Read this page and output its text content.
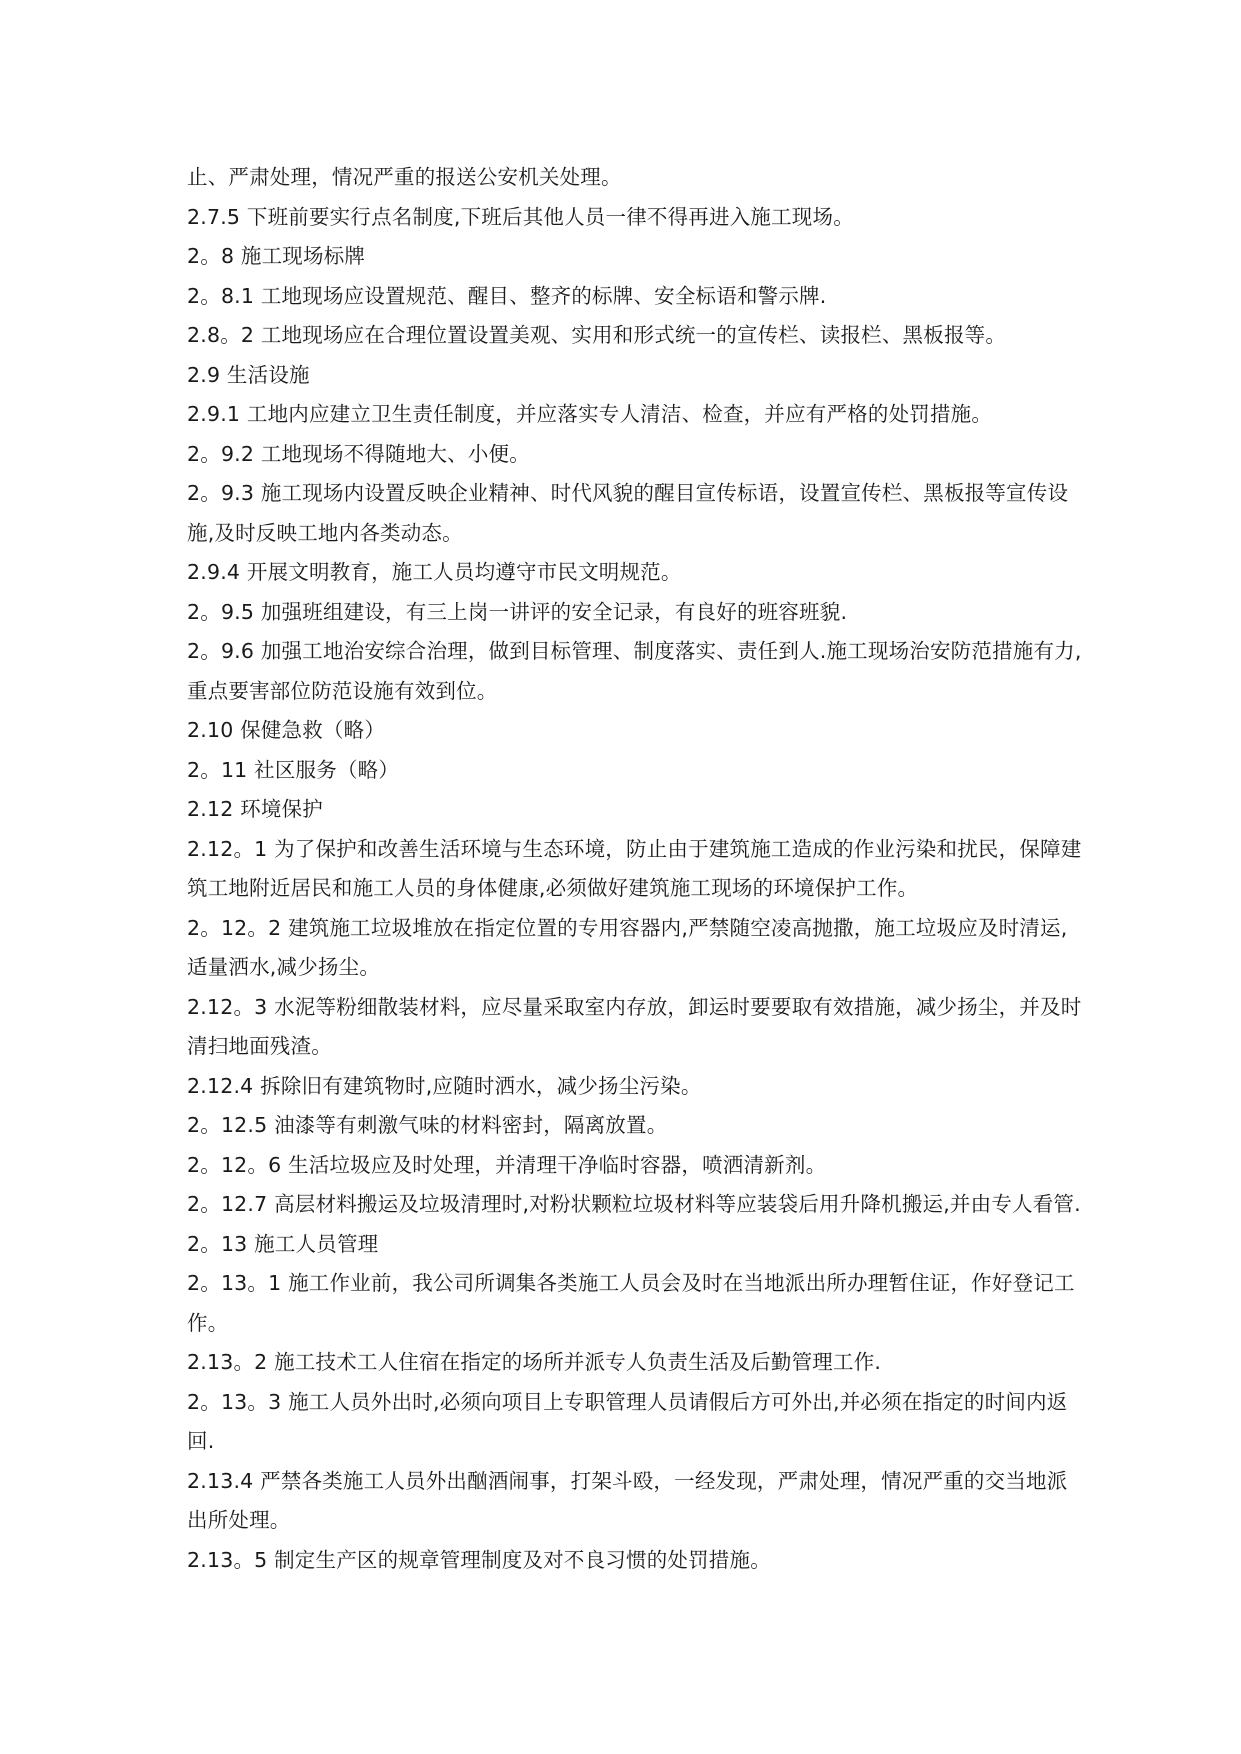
止、严肃处理，情况严重的报送公安机关处理。

2.7.5 下班前要实行点名制度,下班后其他人员一律不得再进入施工现场。

2。8 施工现场标牌

2。8.1 工地现场应设置规范、醒目、整齐的标牌、安全标语和警示牌.

2.8。2 工地现场应在合理位置设置美观、实用和形式统一的宣传栏、读报栏、黑板报等。

2.9 生活设施

2.9.1 工地内应建立卫生责任制度，并应落实专人清洁、检查，并应有严格的处罚措施。

2。9.2 工地现场不得随地大、小便。

2。9.3 施工现场内设置反映企业精神、时代风貌的醒目宣传标语，设置宣传栏、黑板报等宣传设

施,及时反映工地内各类动态。

2.9.4 开展文明教育，施工人员均遵守市民文明规范。

2。9.5 加强班组建设，有三上岗一讲评的安全记录，有良好的班容班貌.

2。9.6 加强工地治安综合治理，做到目标管理、制度落实、责任到人.施工现场治安防范措施有力,

重点要害部位防范设施有效到位。

2.10 保健急救（略）

2。11 社区服务（略）

2.12 环境保护

2.12。1 为了保护和改善生活环境与生态环境，防止由于建筑施工造成的作业污染和扰民，保障建

筑工地附近居民和施工人员的身体健康,必须做好建筑施工现场的环境保护工作。

2。12。2 建筑施工垃圾堆放在指定位置的专用容器内,严禁随空凌高抛撒，施工垃圾应及时清运,

适量洒水,减少扬尘。

2.12。3 水泥等粉细散装材料，应尽量采取室内存放，卸运时要要取有效措施，减少扬尘，并及时

清扫地面残渣。

2.12.4 拆除旧有建筑物时,应随时洒水，减少扬尘污染。

2。12.5 油漆等有刺激气味的材料密封，隔离放置。

2。12。6 生活垃圾应及时处理，并清理干净临时容器，喷洒清新剂。

2。12.7 高层材料搬运及垃圾清理时,对粉状颗粒垃圾材料等应装袋后用升降机搬运,并由专人看管.

2。13 施工人员管理

2。13。1 施工作业前，我公司所调集各类施工人员会及时在当地派出所办理暂住证，作好登记工

作。

2.13。2 施工技术工人住宿在指定的场所并派专人负责生活及后勤管理工作.

2。13。3 施工人员外出时,必须向项目上专职管理人员请假后方可外出,并必须在指定的时间内返

回.

2.13.4 严禁各类施工人员外出酗酒闹事，打架斗殴，一经发现，严肃处理，情况严重的交当地派

出所处理。

2.13。5 制定生产区的规章管理制度及对不良习惯的处罚措施。
